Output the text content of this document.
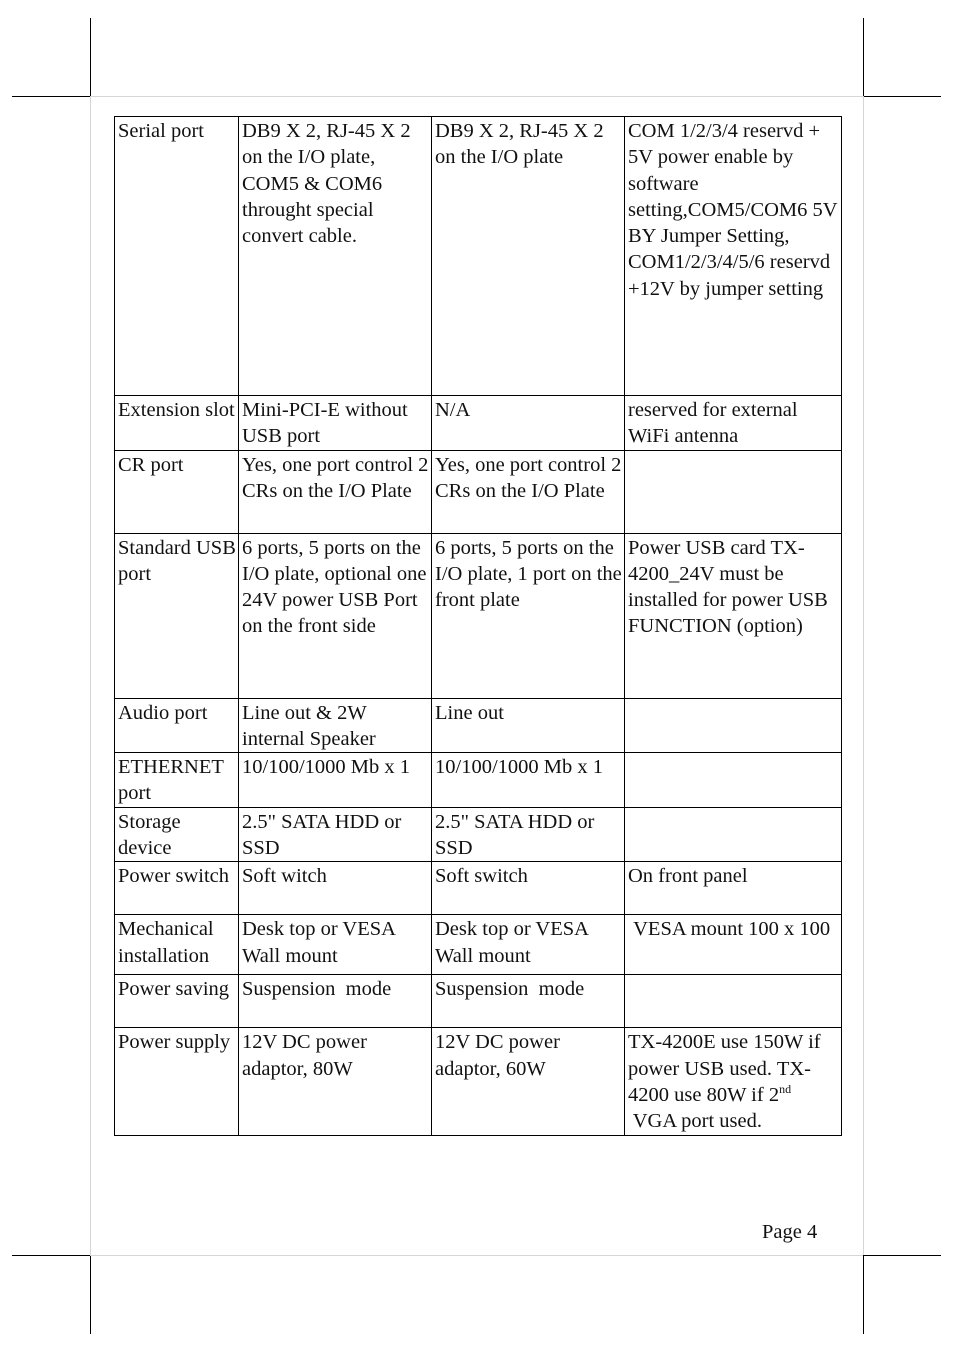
Serial port	DB9 X 2, RJ-45 X 2 on the I/O plate, COM5 & COM6 throught special convert cable.	DB9 X 2, RJ-45 X 2 on the I/O plate	COM 1/2/3/4 reservd + 5V power enable by software setting,COM5/COM6 5V BY Jumper Setting, COM1/2/3/4/5/6 reservd +12V by jumper setting
Extension slot	Mini-PCI-E without USB port	N/A	reserved for external WiFi antenna
CR port	Yes, one port control 2 CRs on the I/O Plate	Yes, one port control 2 CRs on the I/O Plate	
Standard USB port	6 ports, 5 ports on the I/O plate, optional one 24V power USB Port on the front side	6 ports, 5 ports on the I/O plate, 1 port on the front plate	Power USB card TX-4200_24V must be installed for power USB FUNCTION (option)
Audio port	Line out & 2W internal Speaker	Line out	
ETHERNET port	10/100/1000 Mb x 1	10/100/1000 Mb x 1	
Storage device	2.5" SATA HDD or SSD	2.5" SATA HDD or SSD	
Power switch	Soft witch	Soft switch	On front panel
Mechanical installation	Desk top or VESA Wall mount	Desk top or VESA Wall mount	VESA mount 100 x 100
Power saving	Suspension  mode	Suspension  mode	
Power supply	12V DC power adaptor, 80W	12V DC power adaptor, 60W	TX-4200E use 150W if power USB used. TX-4200 use 80W if 2nd VGA port used.
Page 4
